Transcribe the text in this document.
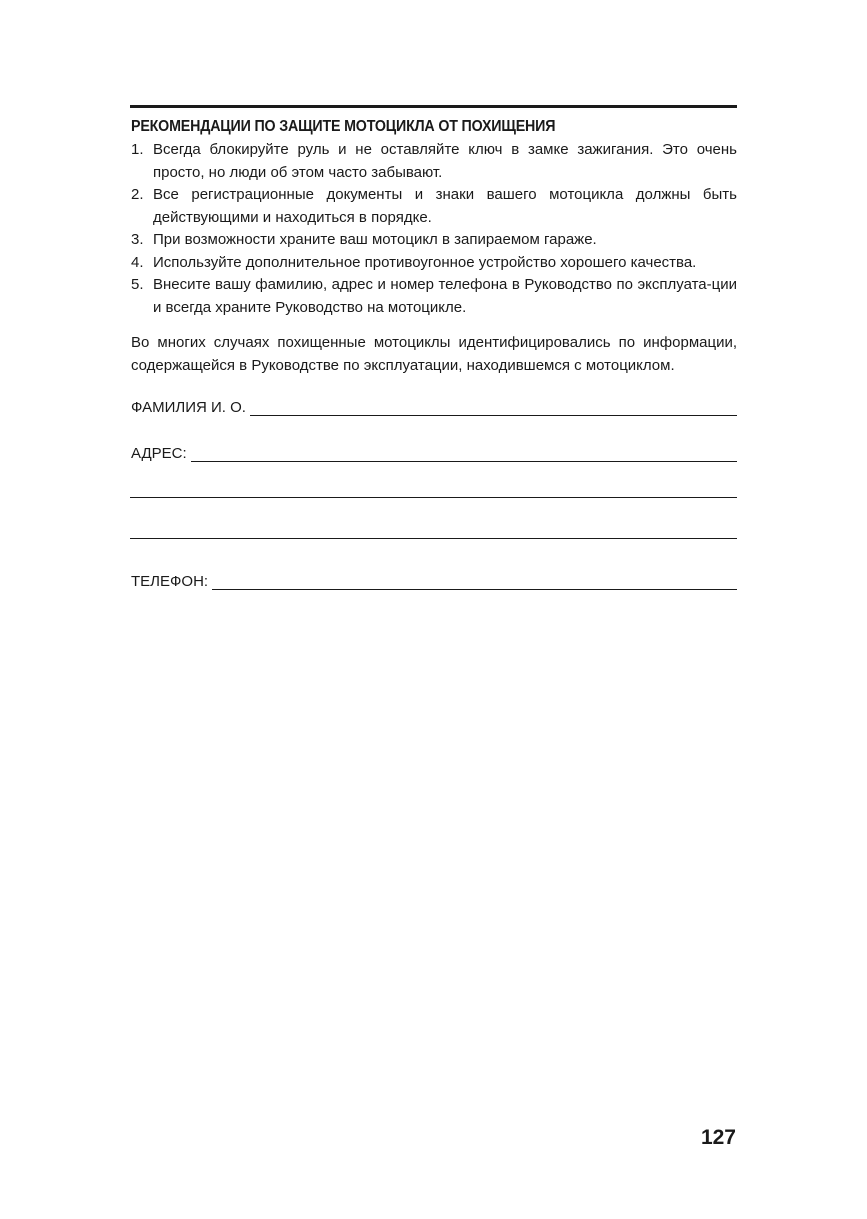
РЕКОМЕНДАЦИИ ПО ЗАЩИТЕ МОТОЦИКЛА ОТ ПОХИЩЕНИЯ
1. Всегда блокируйте руль и не оставляйте ключ в замке зажигания. Это очень просто, но люди об этом часто забывают.
2. Все регистрационные документы и знаки вашего мотоцикла должны быть действующими и находиться в порядке.
3. При возможности храните ваш мотоцикл в запираемом гараже.
4. Используйте дополнительное противоугонное устройство хорошего качества.
5. Внесите вашу фамилию, адрес и номер телефона в Руководство по эксплуата-ции и всегда храните Руководство на мотоцикле.

Во многих случаях похищенные мотоциклы идентифицировались по информации, содержащейся в Руководстве по эксплуатации, находившемся с мотоциклом.

ФАМИЛИЯ И. О.
АДРЕС:
ТЕЛЕФОН:
127
